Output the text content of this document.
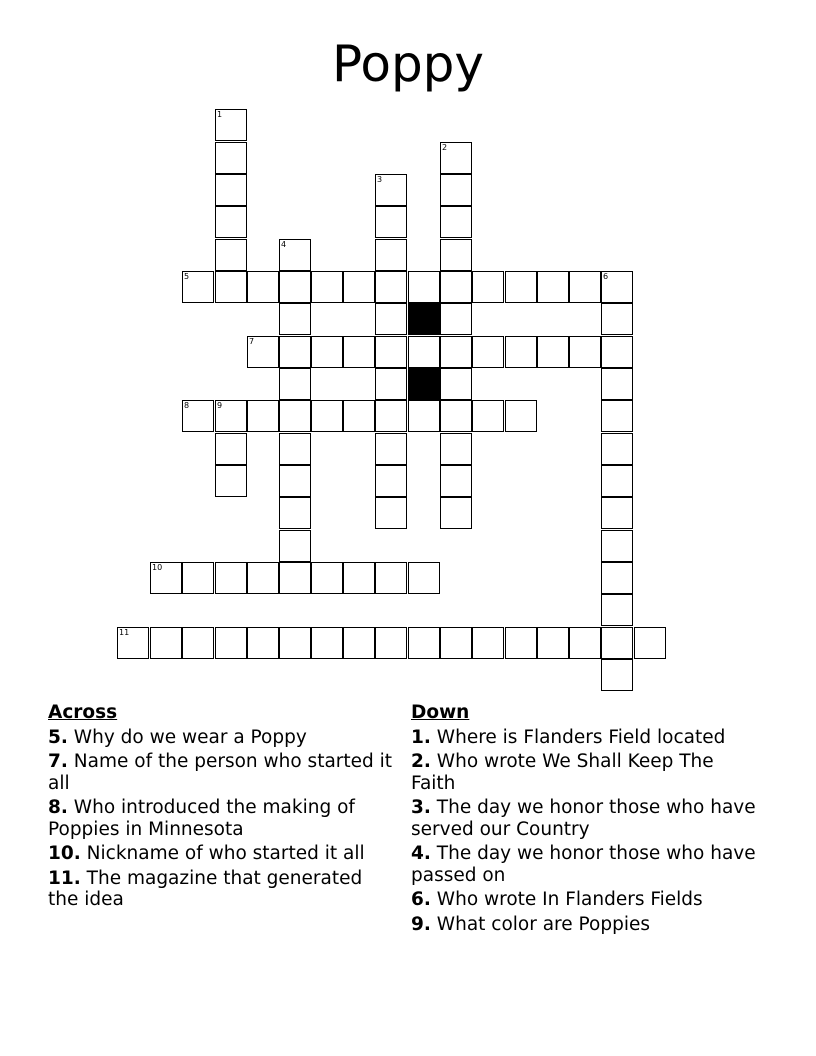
Poppy
1
2
3
4
5	6
7
8	9
10
11
Across
5. Why do we wear a Poppy
7. Name of the person who started it all
8. Who introduced the making of Poppies in Minnesota
10. Nickname of who started it all
11. The magazine that generated the idea
Down
1. Where is Flanders Field located
2. Who wrote We Shall Keep The Faith
3. The day we honor those who have served our Country
4. The day we honor those who have passed on
6. Who wrote In Flanders Fields
9. What color are Poppies
